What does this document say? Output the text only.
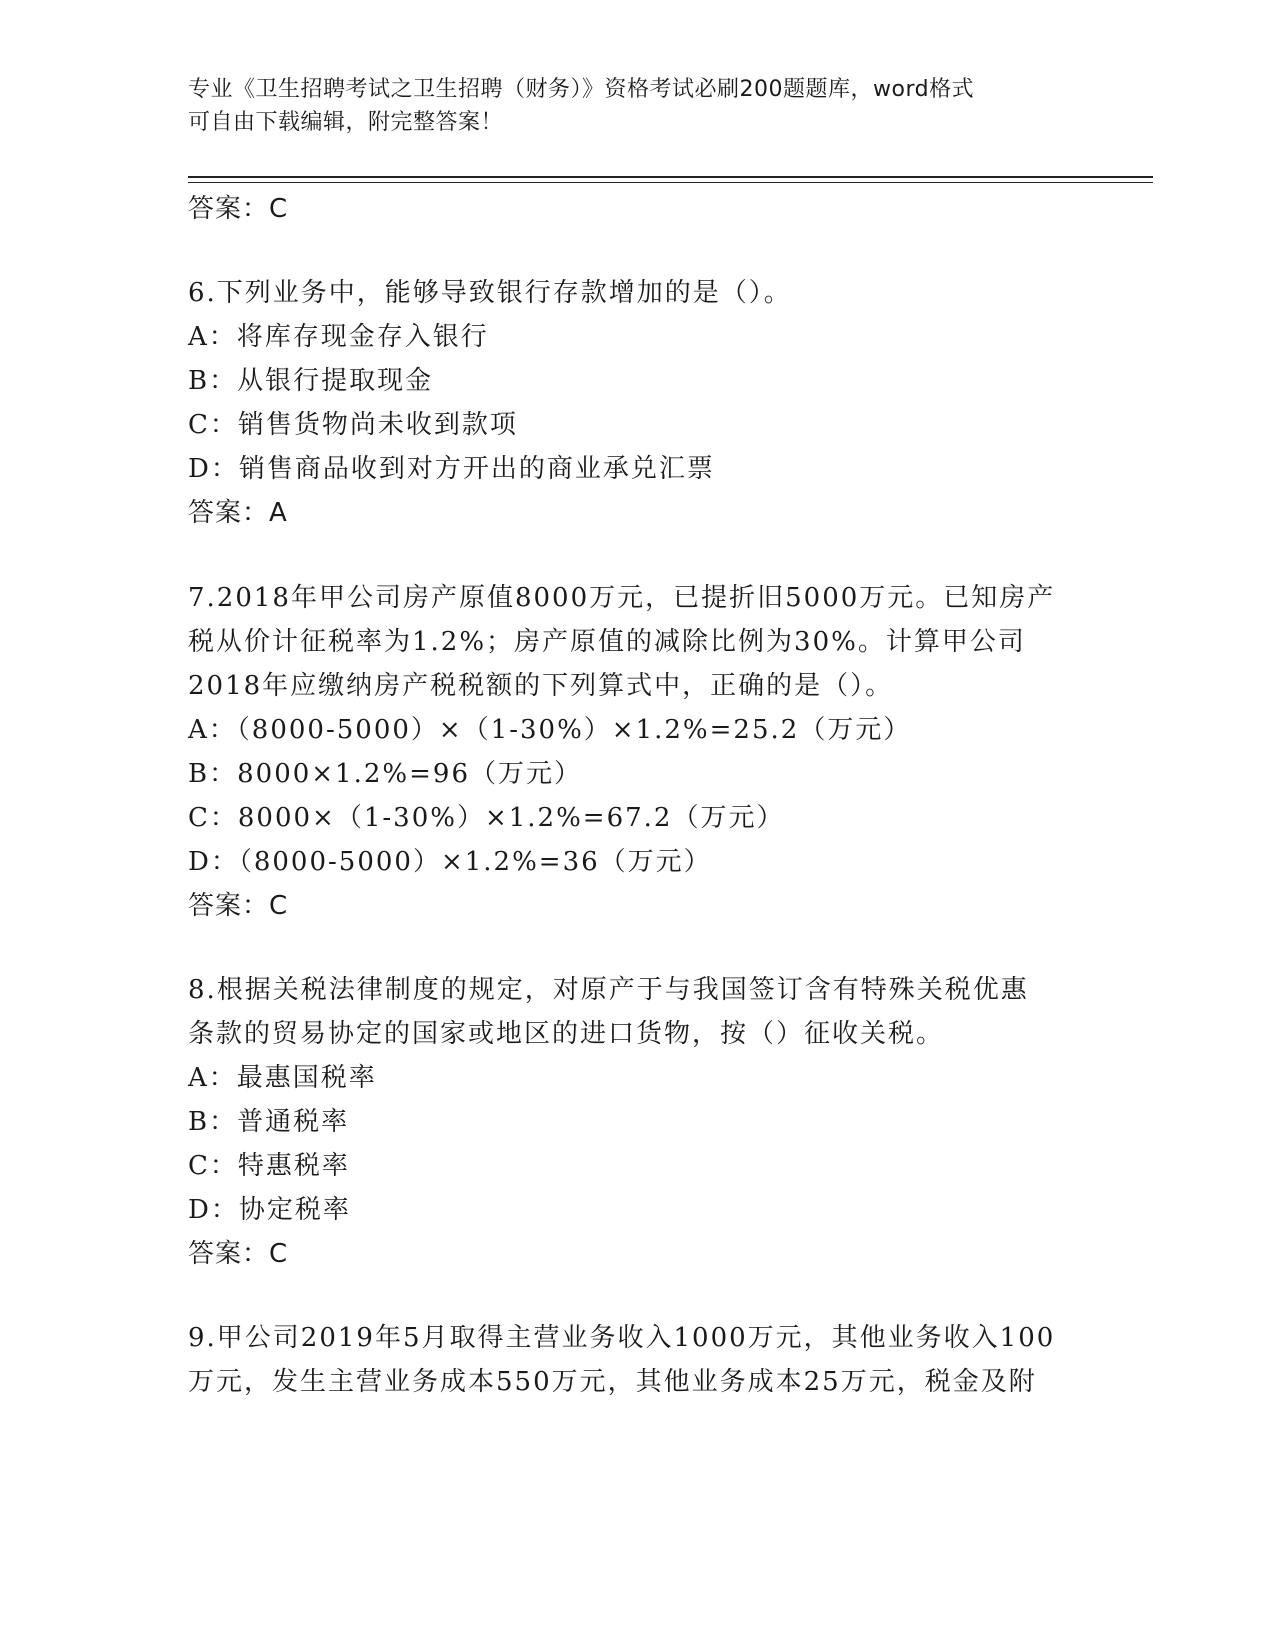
专业《卫生招聘考试之卫生招聘（财务）》资格考试必刷200题题库，word格式
可自由下载编辑，附完整答案！
答案：C
6.下列业务中，能够导致银行存款增加的是（）。
A：将库存现金存入银行
B：从银行提取现金
C：销售货物尚未收到款项
D：销售商品收到对方开出的商业承兑汇票
答案：A
7.2018年甲公司房产原值8000万元，已提折旧5000万元。已知房产
税从价计征税率为1.2%；房产原值的减除比例为30%。计算甲公司
2018年应缴纳房产税税额的下列算式中，正确的是（）。
A：（8000-5000）×（1-30%）×1.2%=25.2（万元）
B：8000×1.2%=96（万元）
C：8000×（1-30%）×1.2%=67.2（万元）
D：（8000-5000）×1.2%=36（万元）
答案：C
8.根据关税法律制度的规定，对原产于与我国签订含有特殊关税优惠
条款的贸易协定的国家或地区的进口货物，按（）征收关税。
A：最惠国税率
B：普通税率
C：特惠税率
D：协定税率
答案：C
9.甲公司2019年5月取得主营业务收入1000万元，其他业务收入100
万元，发生主营业务成本550万元，其他业务成本25万元，税金及附
